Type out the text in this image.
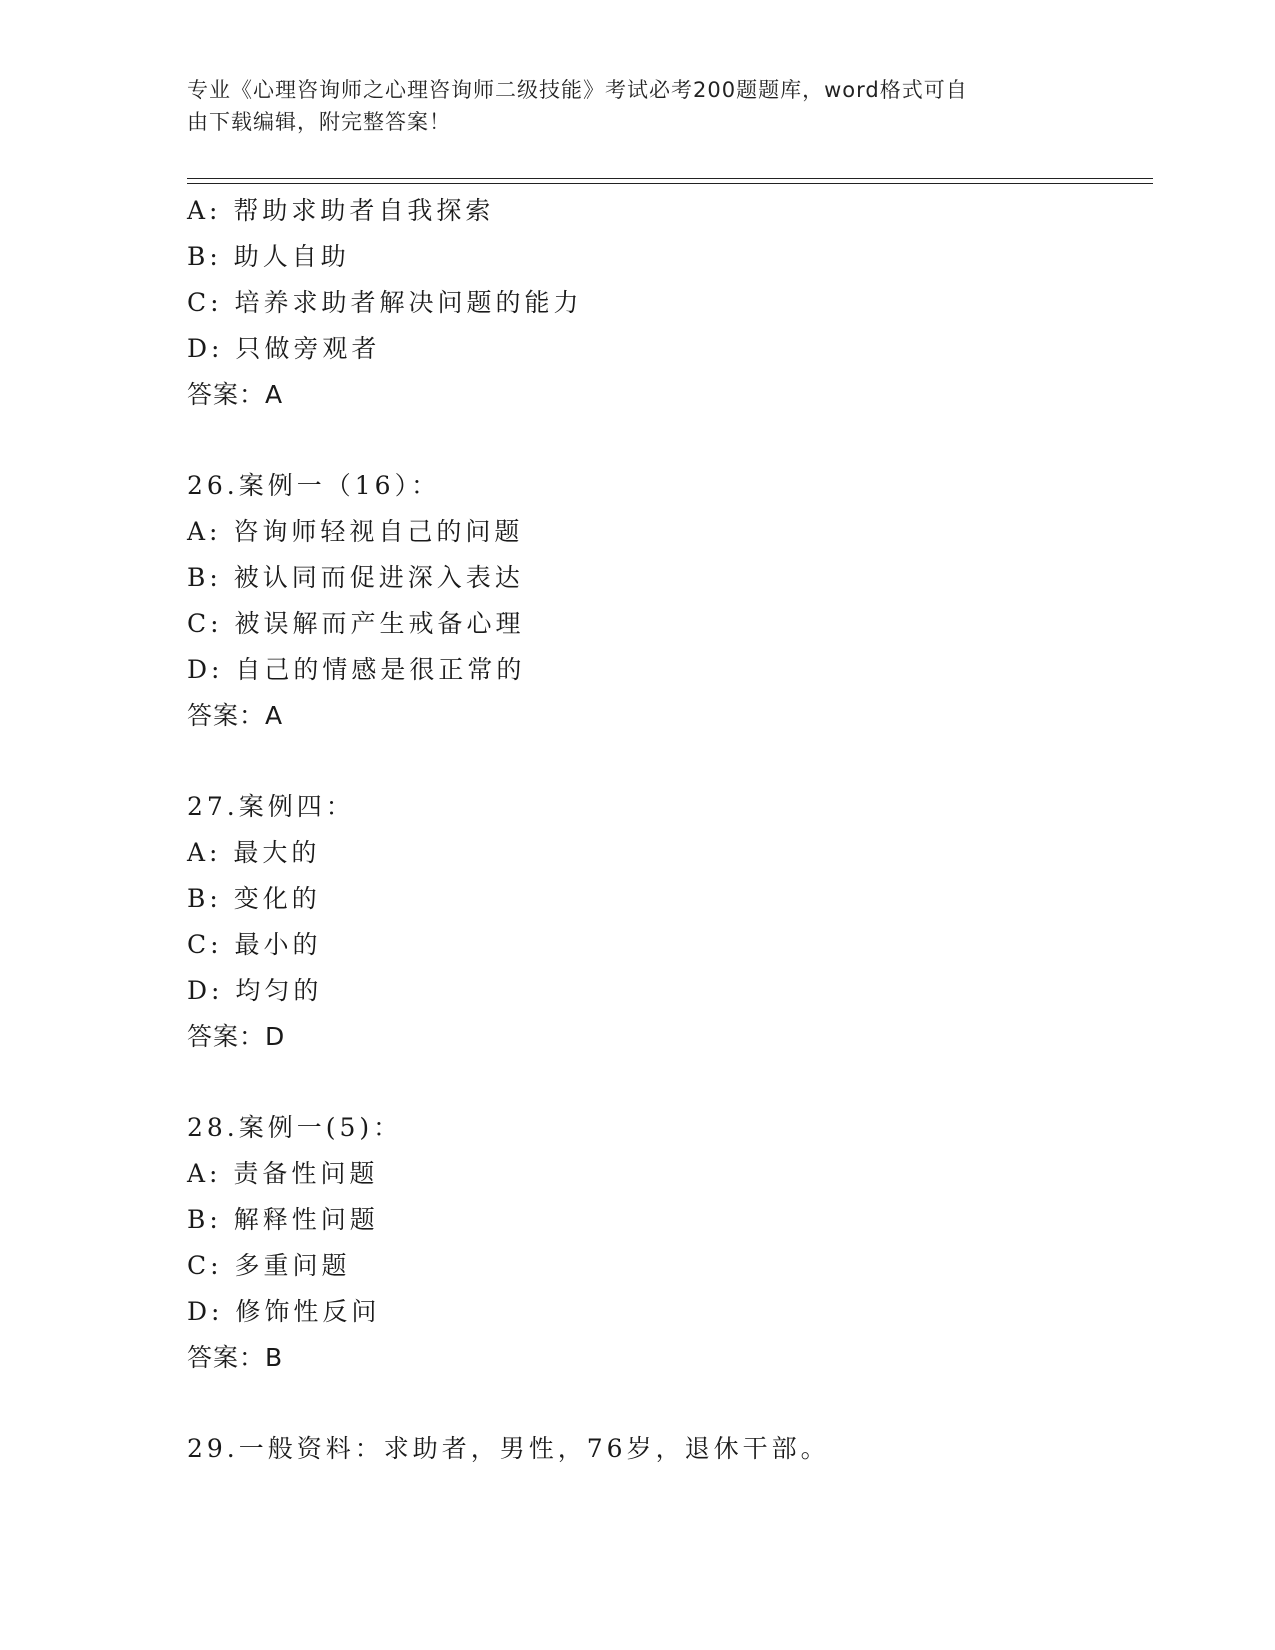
专业《心理咨询师之心理咨询师二级技能》考试必考200题题库，word格式可自
由下载编辑，附完整答案！
A: 帮助求助者自我探索
B: 助人自助
C: 培养求助者解决问题的能力
D: 只做旁观者
答案：A
26.案例一（16）：
A: 咨询师轻视自己的问题
B: 被认同而促进深入表达
C: 被误解而产生戒备心理
D: 自己的情感是很正常的
答案：A
27.案例四：
A: 最大的
B: 变化的
C: 最小的
D: 均匀的
答案：D
28.案例一(5)：
A: 责备性问题
B: 解释性问题
C: 多重问题
D: 修饰性反问
答案：B
29.一般资料：求助者，男性，76岁，退休干部。
